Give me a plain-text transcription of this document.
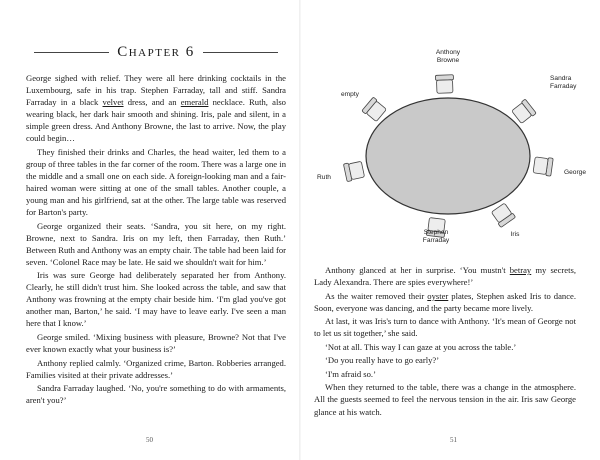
Chapter 6

George sighed with relief. They were all here drinking cocktails in the Luxembourg, safe in his trap. Stephen Farraday, tall and stiff. Sandra Farraday in a black velvet dress, and an emerald necklace. Ruth, also wearing black, her dark hair smooth and shining. Iris, pale and silent, in a simple green dress. And Anthony Browne, the last to arrive. Now, the play could begin…

They finished their drinks and Charles, the head waiter, led them to a group of three tables in the far corner of the room. There was a large one in the middle and a small one on each side. A foreign-looking man and a fair-haired woman were sitting at one of the small tables. Another couple, a young man and his girlfriend, sat at the other. The large table was reserved for Barton's party.

George organized their seats. ‘Sandra, you sit here, on my right. Browne, next to Sandra. Iris on my left, then Farraday, then Ruth.’ Between Ruth and Anthony was an empty chair. The table had been laid for seven. ‘Colonel Race may be late. He said we shouldn't wait for him.’

Iris was sure George had deliberately separated her from Anthony. Clearly, he still didn't trust him. She looked across the table, and saw that Anthony was frowning at the empty chair beside him. ‘I'm glad you've got another man, Barton,’ he said. ‘I may have to leave early. I've seen a man here that I know.’

George smiled. ‘Mixing business with pleasure, Browne? Not that I've ever known exactly what your business is?’

Anthony replied calmly. ‘Organized crime, Barton. Robberies arranged. Families visited at their private addresses.’

Sandra Farraday laughed. ‘No, you're something to do with armaments, aren't you?’

50
Anthony Browne
Sandra Farraday
George
Iris
Stephen Farraday
Ruth
empty

Anthony glanced at her in surprise. ‘You mustn't betray my secrets, Lady Alexandra. There are spies everywhere!’

As the waiter removed their oyster plates, Stephen asked Iris to dance. Soon, everyone was dancing, and the party became more lively.

At last, it was Iris's turn to dance with Anthony. ‘It's mean of George not to let us sit together,’ she said.

‘Not at all. This way I can gaze at you across the table.’

‘Do you really have to go early?’

‘I'm afraid so.’

When they returned to the table, there was a change in the atmosphere. All the guests seemed to feel the nervous tension in the air. Iris saw George glance at his watch.

51
